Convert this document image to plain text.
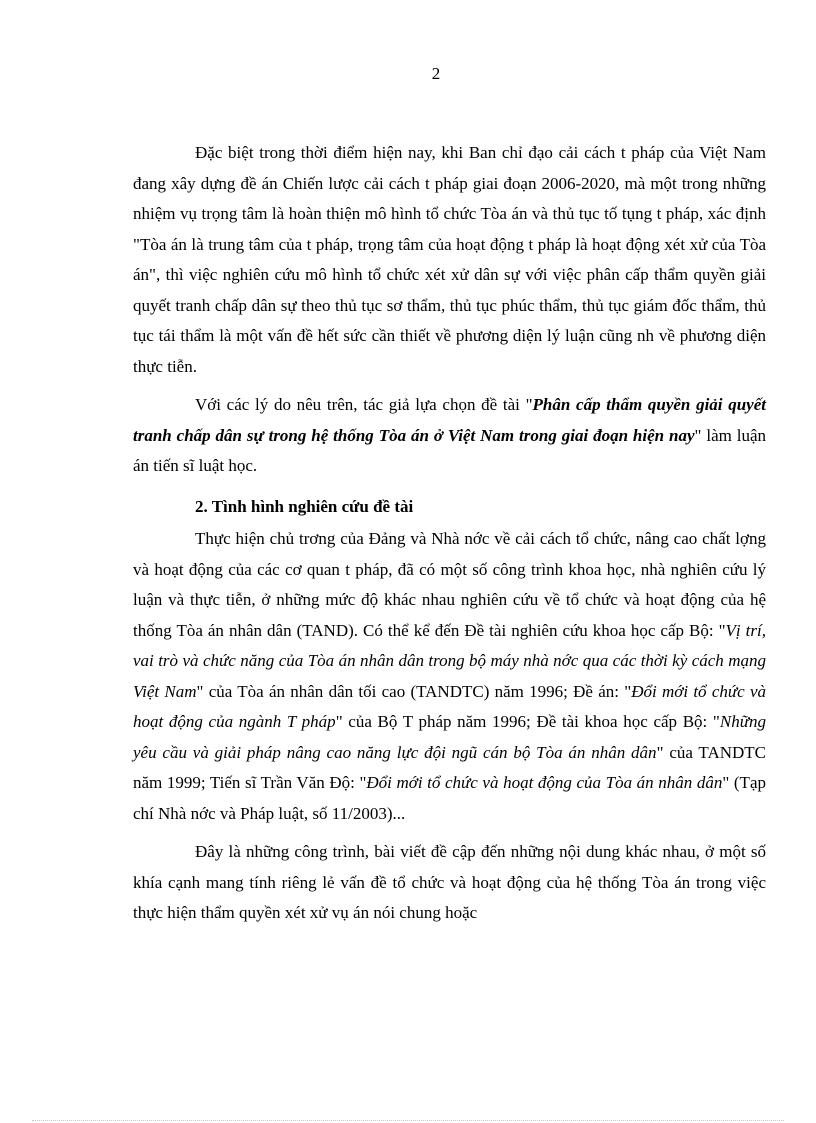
2

Đặc biệt trong thời điểm hiện nay, khi Ban chỉ đạo cải cách t pháp của Việt Nam đang xây dựng đề án Chiến lược cải cách t pháp giai đoạn 2006-2020, mà một trong những nhiệm vụ trọng tâm là hoàn thiện mô hình tổ chức Tòa án và thủ tục tố tụng t pháp, xác định "Tòa án là trung tâm của t pháp, trọng tâm của hoạt động t pháp là hoạt động xét xử của Tòa án", thì việc nghiên cứu mô hình tổ chức xét xử dân sự với việc phân cấp thẩm quyền giải quyết tranh chấp dân sự theo thủ tục sơ thẩm, thủ tục phúc thẩm, thủ tục giám đốc thẩm, thủ tục tái thẩm là một vấn đề hết sức cần thiết về phương diện lý luận cũng nh về phương diện thực tiễn.

Với các lý do nêu trên, tác giả lựa chọn đề tài "Phân cấp thẩm quyền giải quyết tranh chấp dân sự trong hệ thống Tòa án ở Việt Nam trong giai đoạn hiện nay" làm luận án tiến sĩ luật học.

2. Tình hình nghiên cứu đề tài

Thực hiện chủ trơng của Đảng và Nhà nớc về cải cách tổ chức, nâng cao chất lợng và hoạt động của các cơ quan t pháp, đã có một số công trình khoa học, nhà nghiên cứu lý luận và thực tiễn, ở những mức độ khác nhau nghiên cứu về tổ chức và hoạt động của hệ thống Tòa án nhân dân (TAND). Có thể kể đến Đề tài nghiên cứu khoa học cấp Bộ: "Vị trí, vai trò và chức năng của Tòa án nhân dân trong bộ máy nhà nớc qua các thời kỳ cách mạng Việt Nam" của Tòa án nhân dân tối cao (TANDTC) năm 1996; Đề án: "Đổi mới tổ chức và hoạt động của ngành T pháp" của Bộ T pháp năm 1996; Đề tài khoa học cấp Bộ: "Những yêu cầu và giải pháp nâng cao năng lực đội ngũ cán bộ Tòa án nhân dân" của TANDTC năm 1999; Tiến sĩ Trần Văn Độ: "Đổi mới tổ chức và hoạt động của Tòa án nhân dân" (Tạp chí Nhà nớc và Pháp luật, số 11/2003)...

Đây là những công trình, bài viết đề cập đến những nội dung khác nhau, ở một số khía cạnh mang tính riêng lẻ vấn đề tổ chức và hoạt động của hệ thống Tòa án trong việc thực hiện thẩm quyền xét xử vụ án nói chung hoặc
